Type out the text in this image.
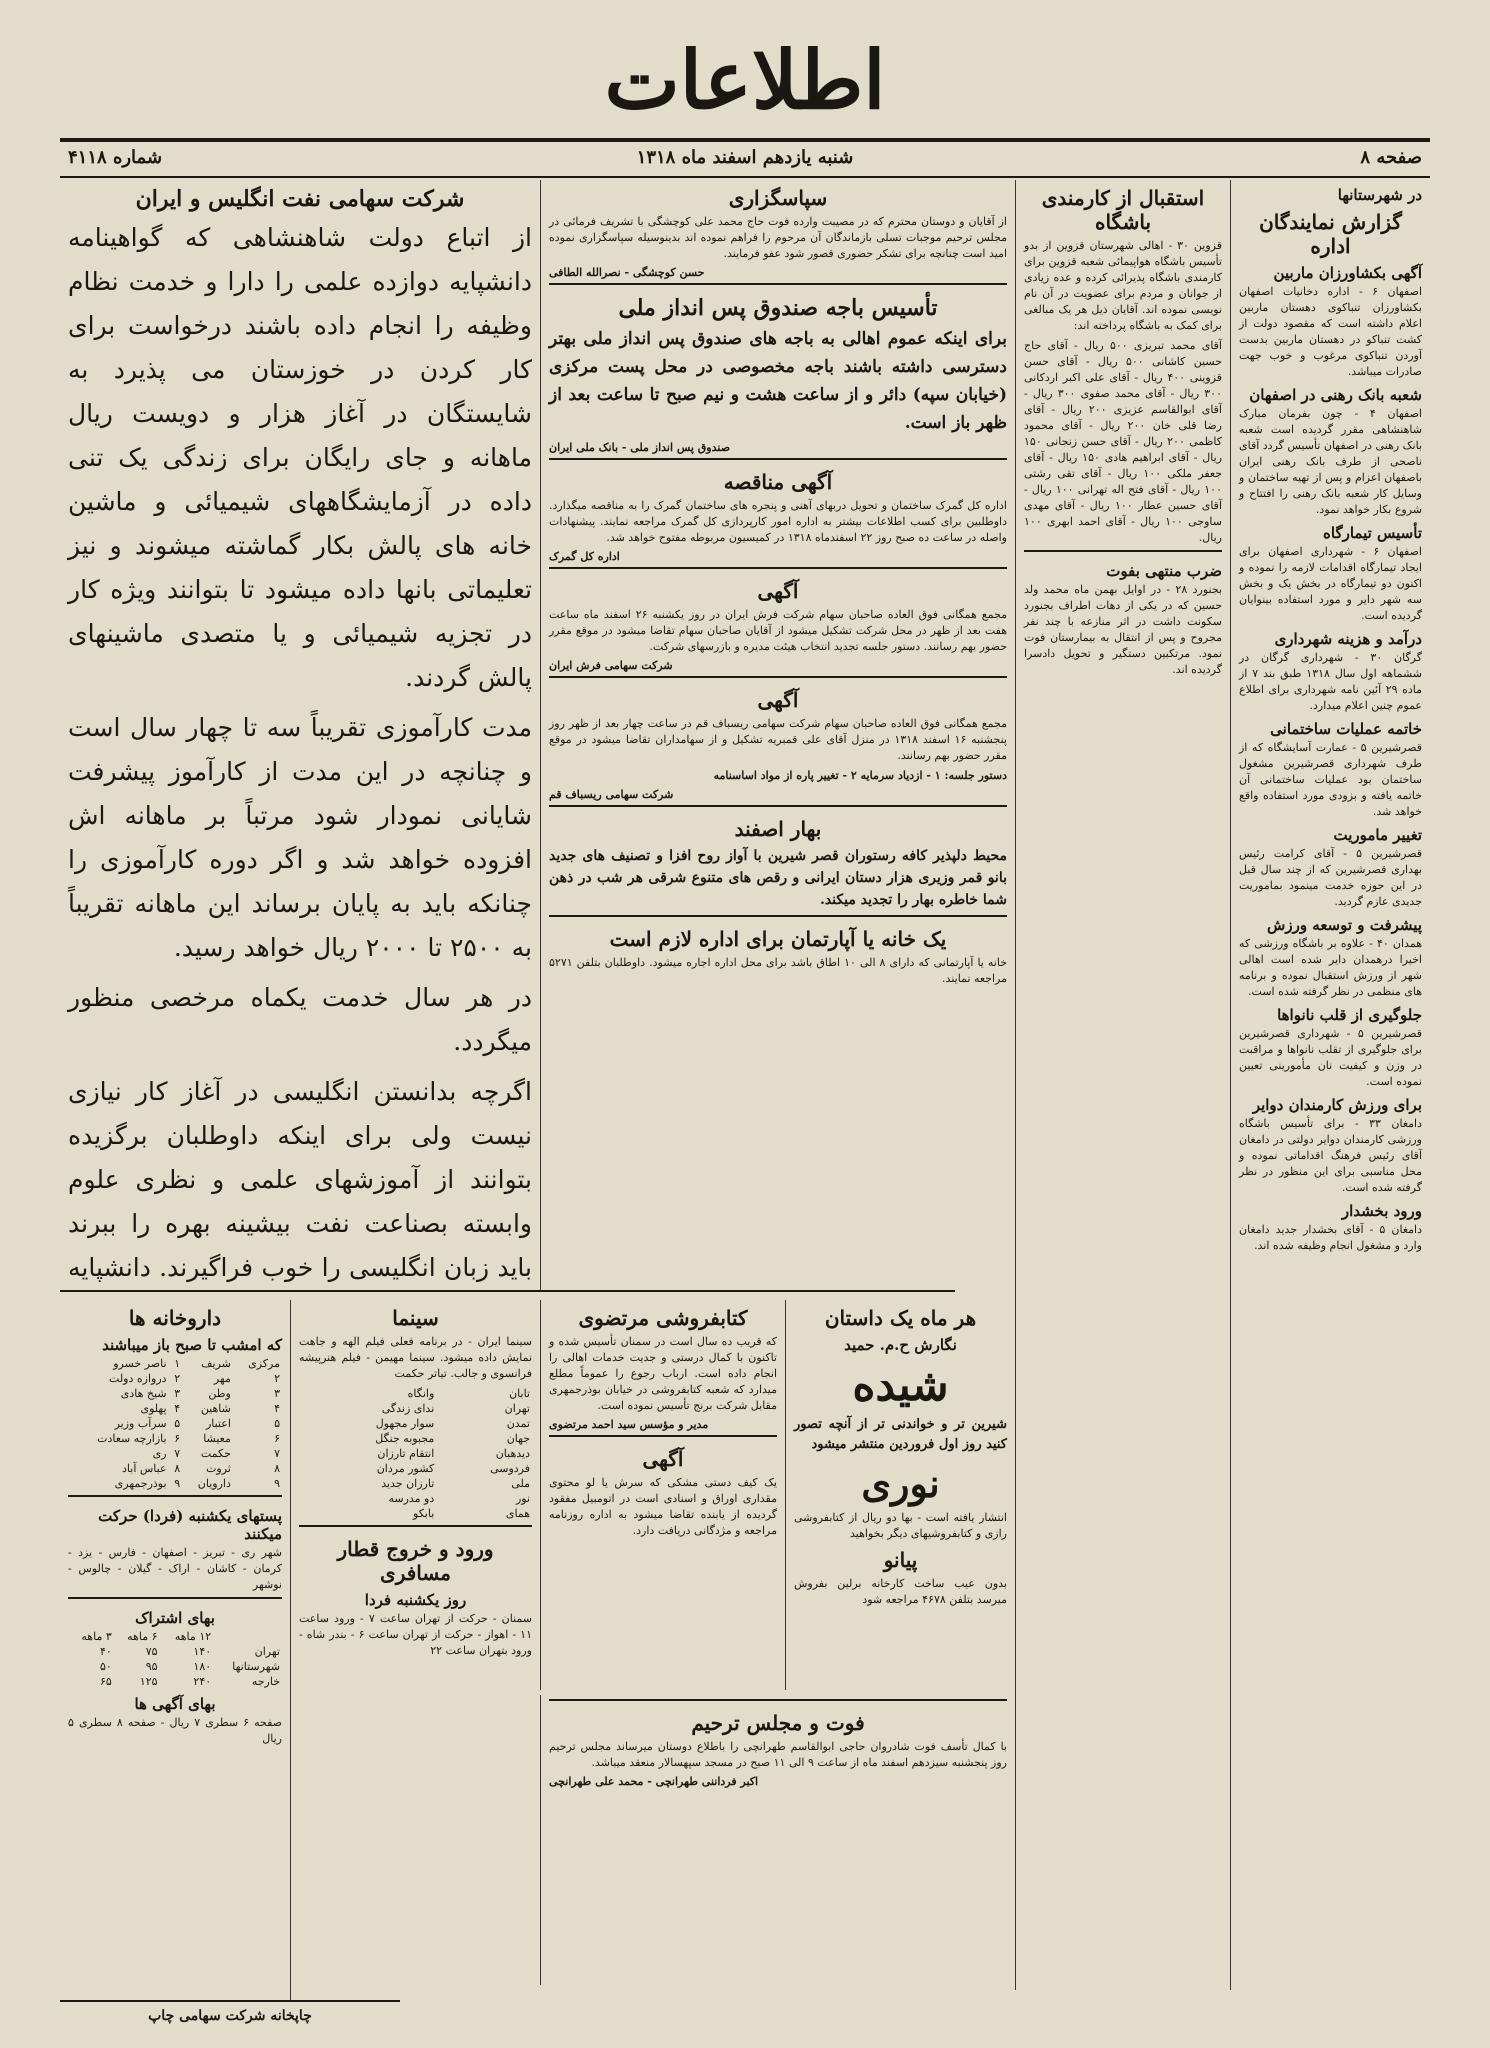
اطلاعات
صفحه ۸
شنبه یازدهم اسفند ماه ۱۳۱۸
شماره ۴۱۱۸
در شهرستانها
گزارش نمایندگان اداره
آگهی بکشاورزان ماربین

اصفهان ۶ - اداره دخانیات اصفهان بکشاورزان تنباکوی دهستان ماربین اعلام داشته است که مقصود دولت از کشت تنباکو در دهستان ماربین بدست آوردن تنباکوی مرغوب و خوب جهت صادرات میباشد.

شعبه بانک رهنی در اصفهان

اصفهان ۴ - چون بفرمان مبارک شاهنشاهی مقرر گردیده است شعبه بانک رهنی در اصفهان تأسیس گردد آقای ناصحی از طرف بانک رهنی ایران باصفهان اعزام و پس از تهیه ساختمان و وسایل کار شعبه بانک رهنی را افتتاح و شروع بکار خواهد نمود.

تأسیس تیمارگاه

اصفهان ۶ - شهرداری اصفهان برای ایجاد تیمارگاه اقدامات لازمه را نموده و اکنون دو تیمارگاه در بخش یک و بخش سه شهر دایر و مورد استفاده بینوایان گردیده است.

درآمد و هزینه شهرداری

گرگان ۳۰ - شهرداری گرگان در ششماهه اول سال ۱۳۱۸ طبق بند ۷ از ماده ۲۹ آئین نامه شهرداری برای اطلاع عموم چنین اعلام میدارد.

خاتمه عملیات ساختمانی

قصرشیرین ۵ - عمارت آسایشگاه که از طرف شهرداری قصرشیرین مشغول ساختمان بود عملیات ساختمانی آن خاتمه یافته و بزودی مورد استفاده واقع خواهد شد.

تغییر ماموریت

قصرشیرین ۵ - آقای کرامت رئیس بهداری قصرشیرین که از چند سال قبل در این حوزه خدمت مینمود بماموریت جدیدی عازم گردید.

پیشرفت و توسعه ورزش

همدان ۴۰ - علاوه بر باشگاه ورزشی که اخیرا درهمدان دایر شده است اهالی شهر از ورزش استقبال نموده و برنامه های منظمی در نظر گرفته شده است.

جلوگیری از قلب نانواها

قصرشیرین ۵ - شهرداری قصرشیرین برای جلوگیری از تقلب نانواها و مراقبت در وزن و کیفیت نان مأمورینی تعیین نموده است.

برای ورزش کارمندان دوایر

دامغان ۳۳ - برای تأسیس باشگاه ورزشی کارمندان دوایر دولتی در دامغان آقای رئیس فرهنگ اقداماتی نموده و محل مناسبی برای این منظور در نظر گرفته شده است.

ورود بخشدار

دامغان ۵ - آقای بخشدار جدید دامغان وارد و مشغول انجام وظیفه شده اند.

استقبال از کارمندی باشگاه

قزوین ۳۰ - اهالی شهرستان قزوین از بدو تأسیس باشگاه هواپیمائی شعبه قزوین برای کارمندی باشگاه پذیرائی کرده و عده زیادی از جوانان و مردم برای عضویت در آن نام نویسی نموده اند. آقایان ذیل هر یک مبالغی برای کمک به باشگاه پرداخته اند:

آقای محمد تبریزی ۵۰۰ ریال - آقای حاج حسین کاشانی ۵۰۰ ریال - آقای حسن قزوینی ۴۰۰ ریال - آقای علی اکبر اردکانی ۳۰۰ ریال - آقای محمد صفوی ۳۰۰ ریال - آقای ابوالقاسم عزیزی ۲۰۰ ریال - آقای رضا قلی خان ۲۰۰ ریال - آقای محمود کاظمی ۲۰۰ ریال - آقای حسن زنجانی ۱۵۰ ریال - آقای ابراهیم هادی ۱۵۰ ریال - آقای جعفر ملکی ۱۰۰ ریال - آقای تقی رشتی ۱۰۰ ریال - آقای فتح اله تهرانی ۱۰۰ ریال - آقای حسین عطار ۱۰۰ ریال - آقای مهدی ساوجی ۱۰۰ ریال - آقای احمد ابهری ۱۰۰ ریال.

ضرب منتهی بفوت

بجنورد ۲۸ - در اوایل بهمن ماه محمد ولد حسین که در یکی از دهات اطراف بجنورد سکونت داشت در اثر منازعه با چند نفر مجروح و پس از انتقال به بیمارستان فوت نمود. مرتکبین دستگیر و تحویل دادسرا گردیده اند.

سپاسگزاری

از آقایان و دوستان محترم که در مصیبت وارده فوت حاج محمد علی کوچشگی با تشریف فرمائی در مجلس ترحیم موجبات تسلی بازماندگان آن مرحوم را فراهم نموده اند بدینوسیله سپاسگزاری نموده امید است چنانچه برای تشکر حضوری قصور شود عفو فرمایند.

حسن کوچشگی - نصرالله الطافی
تأسیس باجه صندوق پس انداز ملی

برای اینکه عموم اهالی به باجه های صندوق پس انداز ملی بهتر دسترسی داشته باشند باجه مخصوصی در محل پست مرکزی (خیابان سپه) دائر و از ساعت هشت و نیم صبح تا ساعت بعد از ظهر باز است.

صندوق پس انداز ملی - بانک ملی ایران
آگهی مناقصه

اداره کل گمرک ساختمان و تحویل دربهای آهنی و پنجره های ساختمان گمرک را به مناقصه میگذارد. داوطلبین برای کسب اطلاعات بیشتر به اداره امور کارپردازی کل گمرک مراجعه نمایند. پیشنهادات واصله در ساعت ده صبح روز ۲۲ اسفندماه ۱۳۱۸ در کمیسیون مربوطه مفتوح خواهد شد.

اداره کل گمرک
آگهی

مجمع همگانی فوق العاده صاحبان سهام شرکت فرش ایران در روز یکشنبه ۲۶ اسفند ماه ساعت هفت بعد از ظهر در محل شرکت تشکیل میشود از آقایان صاحبان سهام تقاضا میشود در موقع مقرر حضور بهم رسانند. دستور جلسه تجدید انتخاب هیئت مدیره و بازرسهای شرکت.

شرکت سهامی فرش ایران
آگهی

مجمع همگانی فوق العاده صاحبان سهام شرکت سهامی ریسباف قم در ساعت چهار بعد از ظهر روز پنجشنبه ۱۶ اسفند ۱۳۱۸ در منزل آقای علی قمبریه تشکیل و از سهامداران تقاضا میشود در موقع مقرر حضور بهم رسانند.

دستور جلسه: ۱ - ازدیاد سرمایه ۲ - تغییر پاره از مواد اساسنامه

شرکت سهامی ریسباف قم
بهار اصفند

محیط دلپذیر کافه رستوران قصر شیرین با آواز روح افزا و تصنیف های جدید بانو قمر وزیری هزار دستان ایرانی و رقص های متنوع شرقی هر شب در ذهن شما خاطره بهار را تجدید میکند.

یک خانه یا آپارتمان برای اداره لازم است

خانه یا آپارتمانی که دارای ۸ الی ۱۰ اطاق باشد برای محل اداره اجاره میشود. داوطلبان بتلفن ۵۲۷۱ مراجعه نمایند.

شرکت سهامی نفت انگلیس و ایران

از اتباع دولت شاهنشاهی که گواهینامه دانشپایه دوازده علمی را دارا و خدمت نظام وظیفه را انجام داده باشند درخواست برای کار کردن در خوزستان می پذیرد به شایستگان در آغاز هزار و دویست ریال ماهانه و جای رایگان برای زندگی یک تنی داده در آزمایشگاههای شیمیائی و ماشین خانه های پالش بکار گماشته میشوند و نیز تعلیماتی بانها داده میشود تا بتوانند ویژه کار در تجزیه شیمیائی و یا متصدی ماشینهای پالش گردند.

مدت کارآموزی تقریباً سه تا چهار سال است و چنانچه در این مدت از کارآموز پیشرفت شایانی نمودار شود مرتباً بر ماهانه اش افزوده خواهد شد و اگر دوره کارآموزی را چنانکه باید به پایان برساند این ماهانه تقریباً به ۲۵۰۰ تا ۲۰۰۰ ریال خواهد رسید.

در هر سال خدمت یکماه مرخصی منظور میگردد.

اگرچه بدانستن انگلیسی در آغاز کار نیازی نیست ولی برای اینکه داوطلبان برگزیده بتوانند از آموزشهای علمی و نظری علوم وابسته بصناعت نفت بیشینه بهره را ببرند باید زبان انگلیسی را خوب فراگیرند. دانشپایه

هر ماه یک داستان
نگارش ح.م. حمید
شیده

شیرین تر و خواندنی تر از آنچه تصور کنید روز اول فروردین منتشر میشود

نوری

انتشار یافته است - بها دو ریال از کتابفروشی رازی و کتابفروشیهای دیگر بخواهید

پیانو

بدون عیب ساخت کارخانه برلین بفروش میرسد بتلفن ۴۶۷۸ مراجعه شود

کتابفروشی مرتضوی

که قریب ده سال است در سمنان تأسیس شده و تاکنون با کمال درستی و جدیت خدمات اهالی را انجام داده است. ارباب رجوع را عموماً مطلع میدارد که شعبه کتابفروشی در خیابان بوذرجمهری مقابل شرکت برنج تأسیس نموده است.

مدیر و مؤسس سید احمد مرتضوی
آگهی

یک کیف دستی مشکی که سرش یا لو محتوی مقداری اوراق و اسنادی است در اتومبیل مفقود گردیده از یابنده تقاضا میشود به اداره روزنامه مراجعه و مژدگانی دریافت دارد.

فوت و مجلس ترحیم

با کمال تأسف فوت شادروان حاجی ابوالقاسم طهرانچی را باطلاع دوستان میرساند مجلس ترحیم روز پنجشنبه سیزدهم اسفند ماه از ساعت ۹ الی ۱۱ صبح در مسجد سپهسالار منعقد میباشد.

اکبر فرداننی طهرانچی - محمد علی طهرانچی
داروخانه ها
که امشب تا صبح باز میباشند
مرکزی	شریف	۱	ناصر خسرو
۲	مهر	۲	دروازه دولت
۳	وطن	۳	شیخ هادی
۴	شاهین	۴	پهلوی
۵	اعتبار	۵	سرآب وزیر
۶	معیشا	۶	بازارچه سعادت
۷	حکمت	۷	ری
۸	ثروت	۸	عباس آباد
۹	دارویان	۹	بوذرجمهری
پستهای یکشنبه (فردا) حرکت میکنند

شهر ری - تبریز - اصفهان - فارس - یزد - کرمان - کاشان - اراک - گیلان - چالوس - نوشهر

بهای اشتراک
	۱۲ ماهه	۶ ماهه	۳ ماهه
تهران	۱۴۰	۷۵	۴۰
شهرستانها	۱۸۰	۹۵	۵۰
خارجه	۲۴۰	۱۲۵	۶۵
بهای آگهی ها

صفحه ۶ سطری ۷ ریال - صفحه ۸ سطری ۵ ریال

سینما

سینما ایران - در برنامه فعلی فیلم الهه و جاهت نمایش داده میشود. سینما مهیمن - فیلم هنرپیشه فرانسوی و جالب. تیاتر حکمت

تابان	وانگاه
تهران	ندای زندگی
تمدن	سوار مجهول
جهان	مجبوبه جنگل
دیدهبان	انتقام تارزان
فردوسی	کشور مردان
ملی	تارزان جدید
نور	دو مدرسه
همای	بابکو
ورود و خروج قطار مسافری
روز یکشنبه فردا

سمنان - حرکت از تهران ساعت ۷ - ورود ساعت ۱۱ - اهواز - حرکت از تهران ساعت ۶ - بندر شاه - ورود بتهران ساعت ۲۲

چاپخانه شرکت سهامی چاپ
